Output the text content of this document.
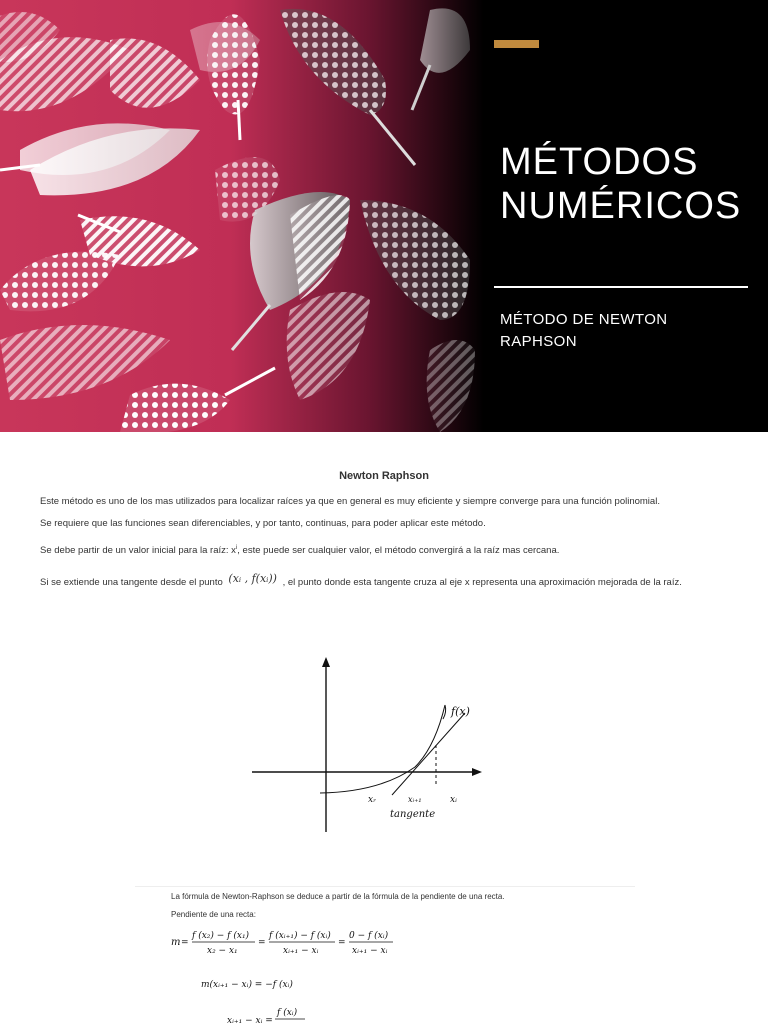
MÉTODOS
NUMÉRICOS
MÉTODO DE NEWTON
RAPHSON
Newton Raphson
Este método es uno de los mas utilizados para localizar raíces ya que en general es muy eficiente y siempre converge para una función polinomial.
Se requiere que las funciones sean diferenciables, y por tanto, continuas, para poder aplicar este método.
Se debe partir de un valor inicial para la raíz: $x^i$, este puede ser cualquier valor, el método convergirá a la raíz mas cercana.
Si se extiende una tangente desde el punto (xᵢ , f(xᵢ)) , el punto donde esta tangente cruza al eje x representa una aproximación mejorada de la raíz.
f(x)
xᵣ	xᵢ₊₁	xᵢ
tangente
La fórmula de Newton-Raphson se deduce a partir de la fórmula de la pendiente de una recta.
Pendiente de una recta:
m =
f (x₂) − f (x₁)
x₂ − x₁
=
f (xᵢ₊₁) − f (xᵢ)
xᵢ₊₁ − xᵢ
=
0 − f (xᵢ)
xᵢ₊₁ − xᵢ
m(xᵢ₊₁ − xᵢ) = −f (xᵢ)
xᵢ₊₁ − xᵢ =
f (xᵢ)
